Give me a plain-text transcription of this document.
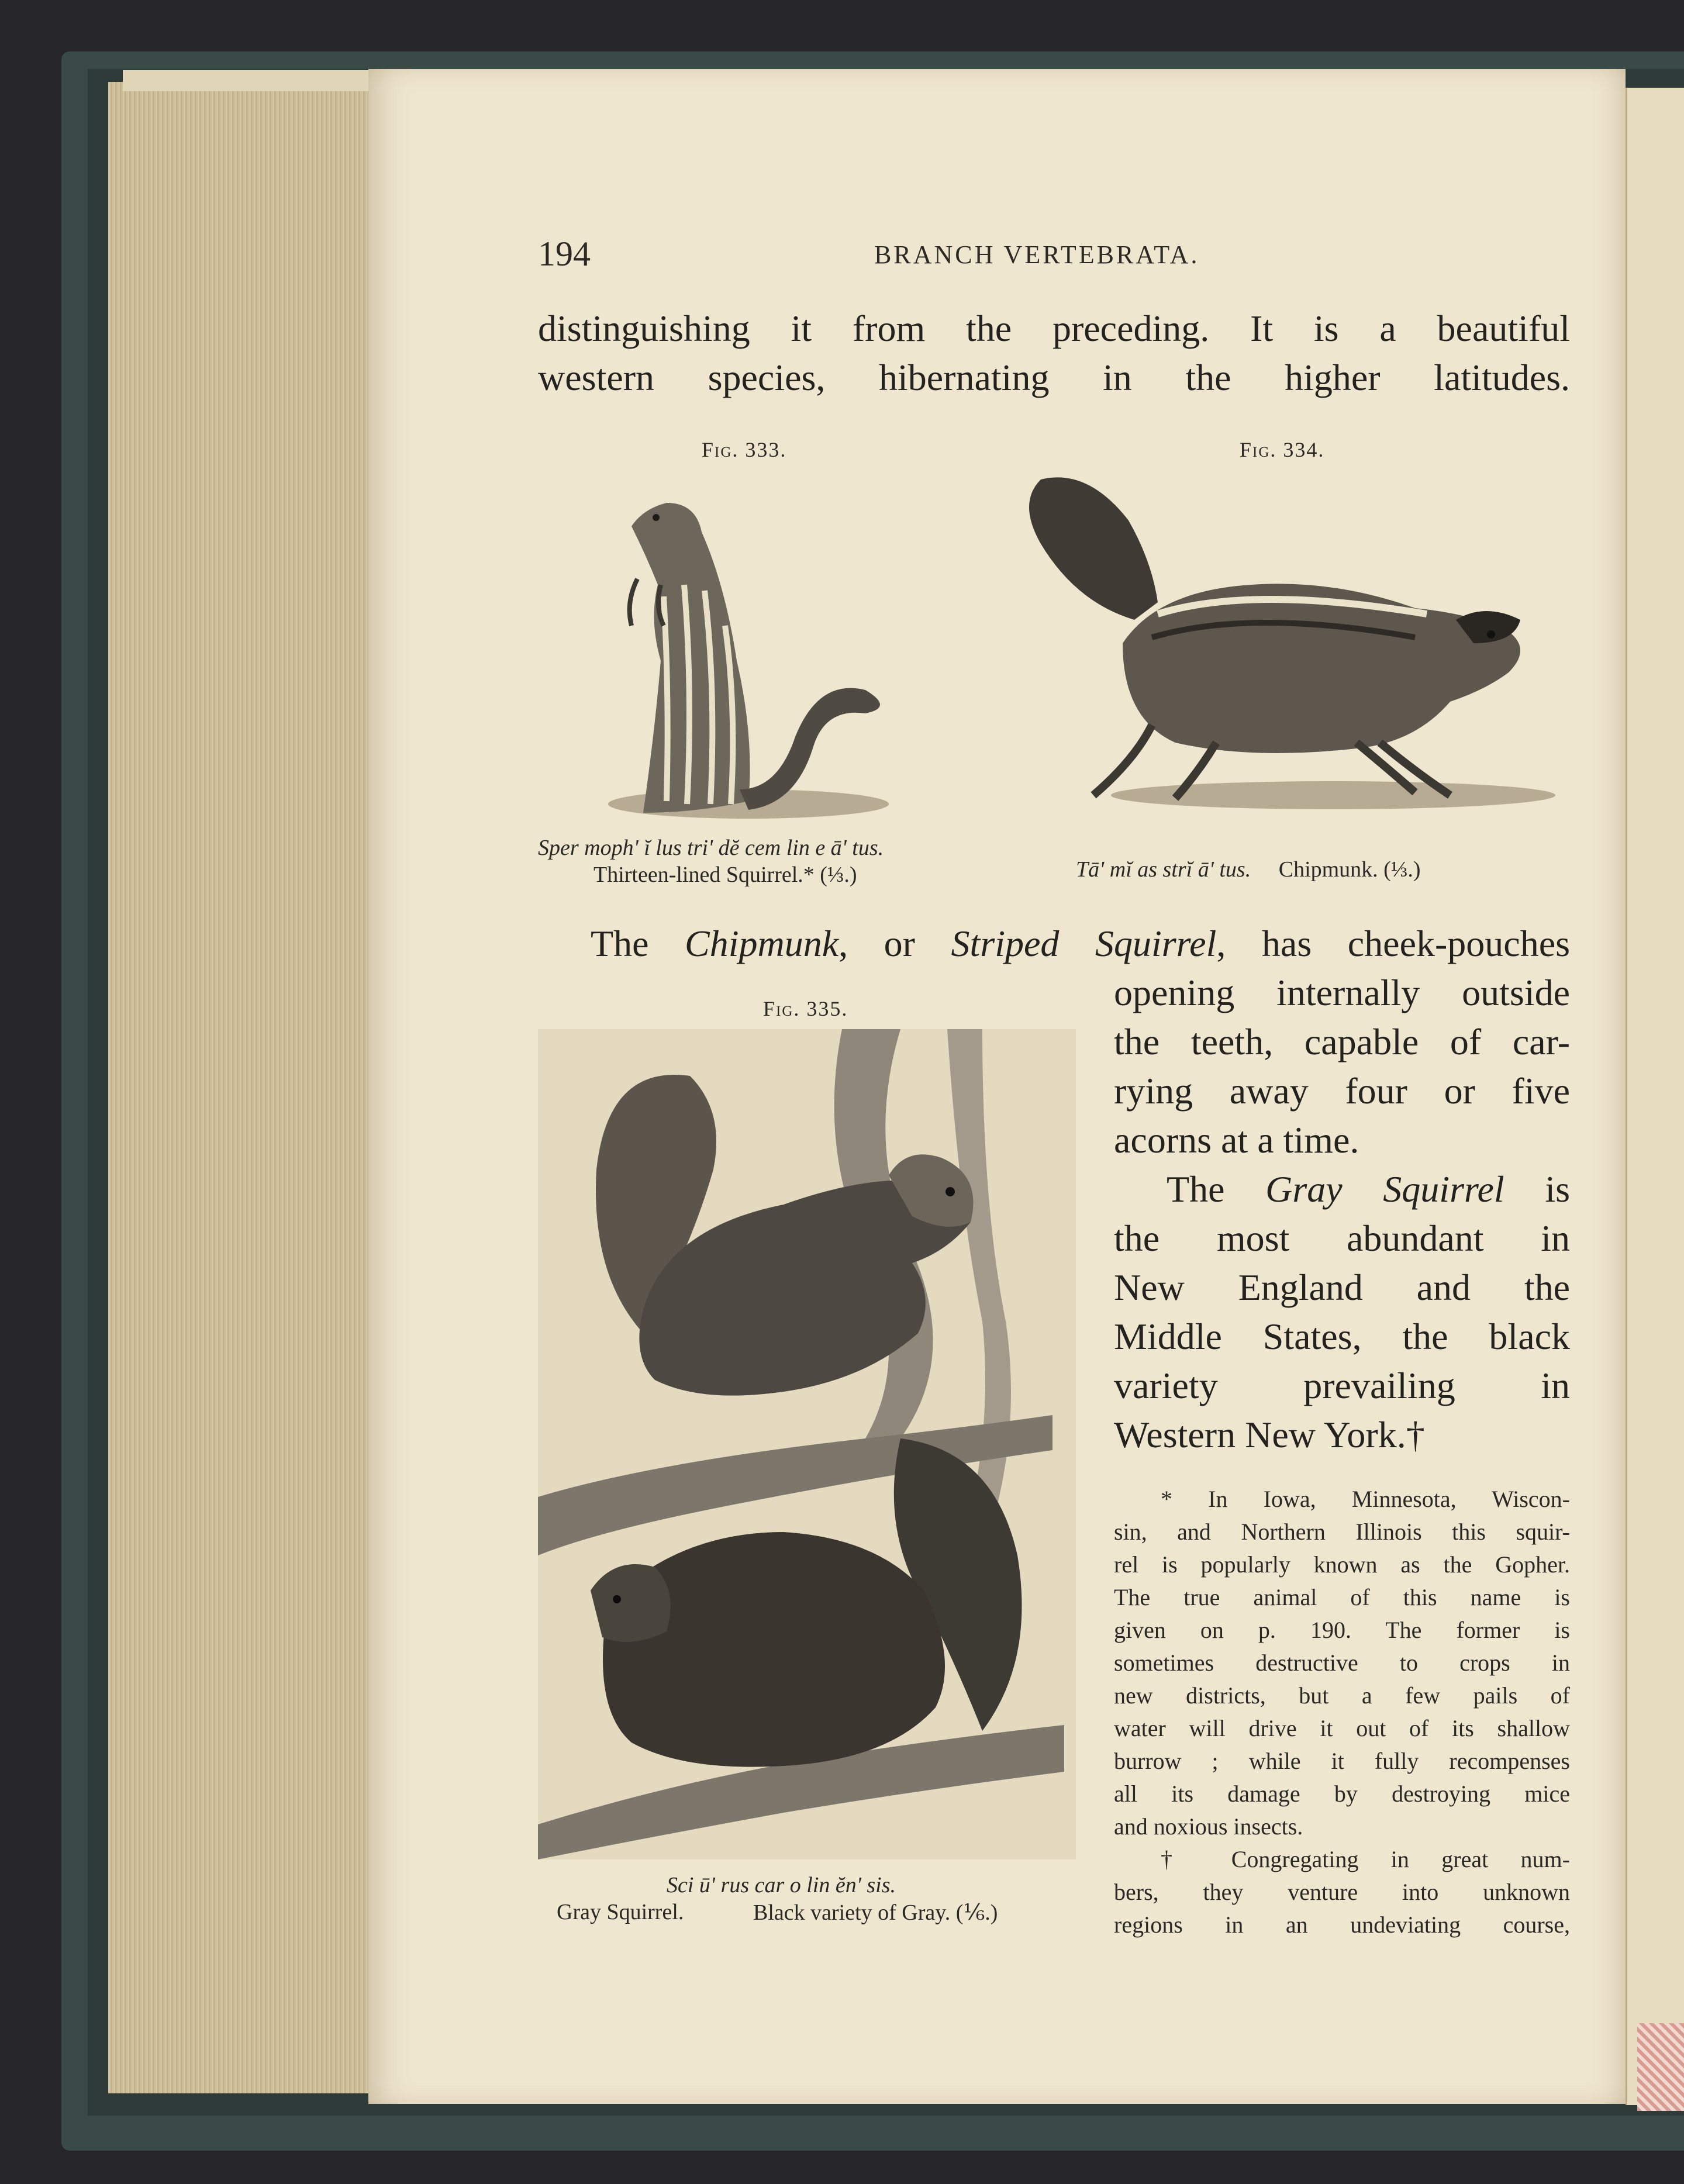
194	BRANCH VERTEBRATA.
distinguishing it from the preceding. It is a beautiful
western species, hibernating in the higher latitudes.
Fig. 333.
Sper moph' ĭ lus tri' dĕ cem lin e ā' tus.
Thirteen-lined Squirrel.* (⅓.)
Fig. 334.
Tā' mĭ as strĭ ā' tus. Chipmunk. (⅓.)
The Chipmunk, or Striped Squirrel, has cheek-pouches
Fig. 335.
Sci ū' rus car o lin ĕn' sis.
Gray Squirrel.	Black variety of Gray. (⅙.)
opening internally outside
the teeth, capable of car-
rying away four or five
acorns at a time.
The Gray Squirrel is
the most abundant in
New England and the
Middle States, the black
variety prevailing in
Western New York.†
* In Iowa, Minnesota, Wiscon-
sin, and Northern Illinois this squir-
rel is popularly known as the Gopher.
The true animal of this name is
given on p. 190. The former is
sometimes destructive to crops in
new districts, but a few pails of
water will drive it out of its shallow
burrow ; while it fully recompenses
all its damage by destroying mice
and noxious insects.
† Congregating in great num-
bers, they venture into unknown
regions in an undeviating course,
